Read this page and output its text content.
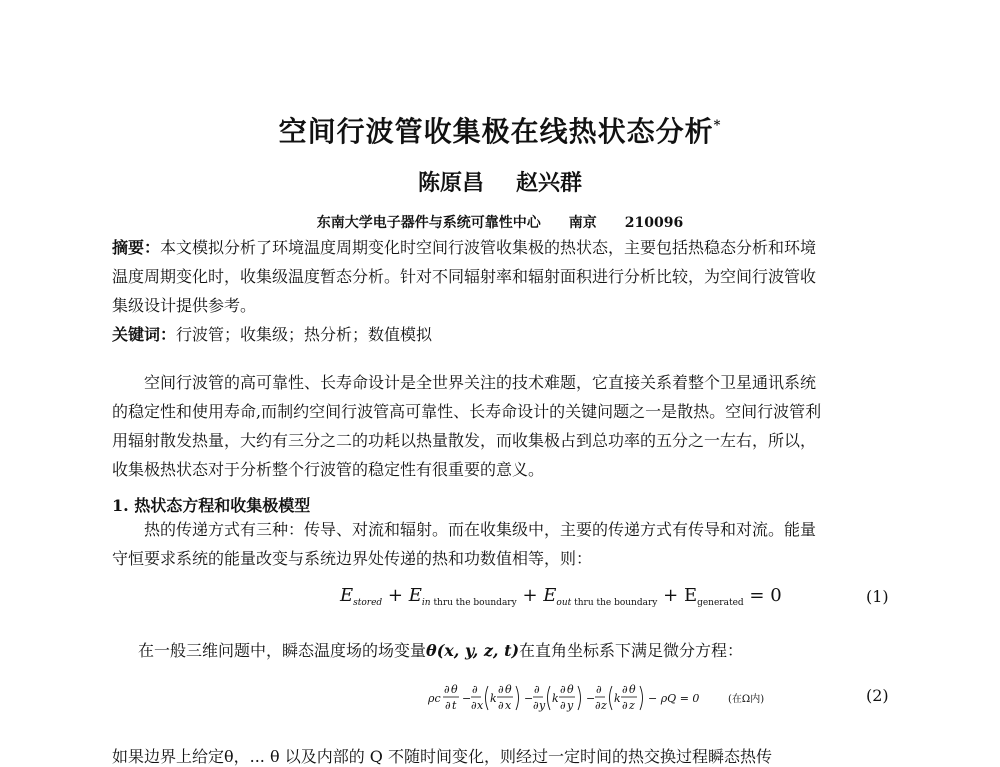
空间行波管收集极在线热状态分析*
陈原昌 赵兴群
东南大学电子器件与系统可靠性中心 南京 210096
摘要：本文模拟分析了环境温度周期变化时空间行波管收集极的热状态，主要包括热稳态分析和环境
温度周期变化时，收集级温度暂态分析。针对不同辐射率和辐射面积进行分析比较，为空间行波管收
集级设计提供参考。
关键词：行波管；收集级；热分析；数值模拟
空间行波管的高可靠性、长寿命设计是全世界关注的技术难题，它直接关系着整个卫星通讯系统
的稳定性和使用寿命,而制约空间行波管高可靠性、长寿命设计的关键问题之一是散热。空间行波管利
用辐射散发热量，大约有三分之二的功耗以热量散发，而收集极占到总功率的五分之一左右，所以，
收集极热状态对于分析整个行波管的稳定性有很重要的意义。
1. 热状态方程和收集极模型
热的传递方式有三种：传导、对流和辐射。而在收集级中，主要的传递方式有传导和对流。能量
守恒要求系统的能量改变与系统边界处传递的热和功数值相等，则：
$E_{stored} + E_{in}$ $_{thru the boundary} + E_{out}$ $_{thru the boundary} + E_{generated} = 0$	(1)
在一般三维问题中，瞬态温度场的场变量θ(x, y, z, t)在直角坐标系下满足微分方程：
ρc
∂ θ
∂ t
−
∂
∂ x
k
∂ θ
∂ x
−
∂
∂ y
k
∂ θ
∂ y
−
∂
∂ z
k
∂ θ
∂ z
− ρQ = 0	(在Ω内)	(2)
如果边界上给定θ，... θ 以及内部的 Q 不随时间变化，则经过一定时间的热交换过程瞬态热传
